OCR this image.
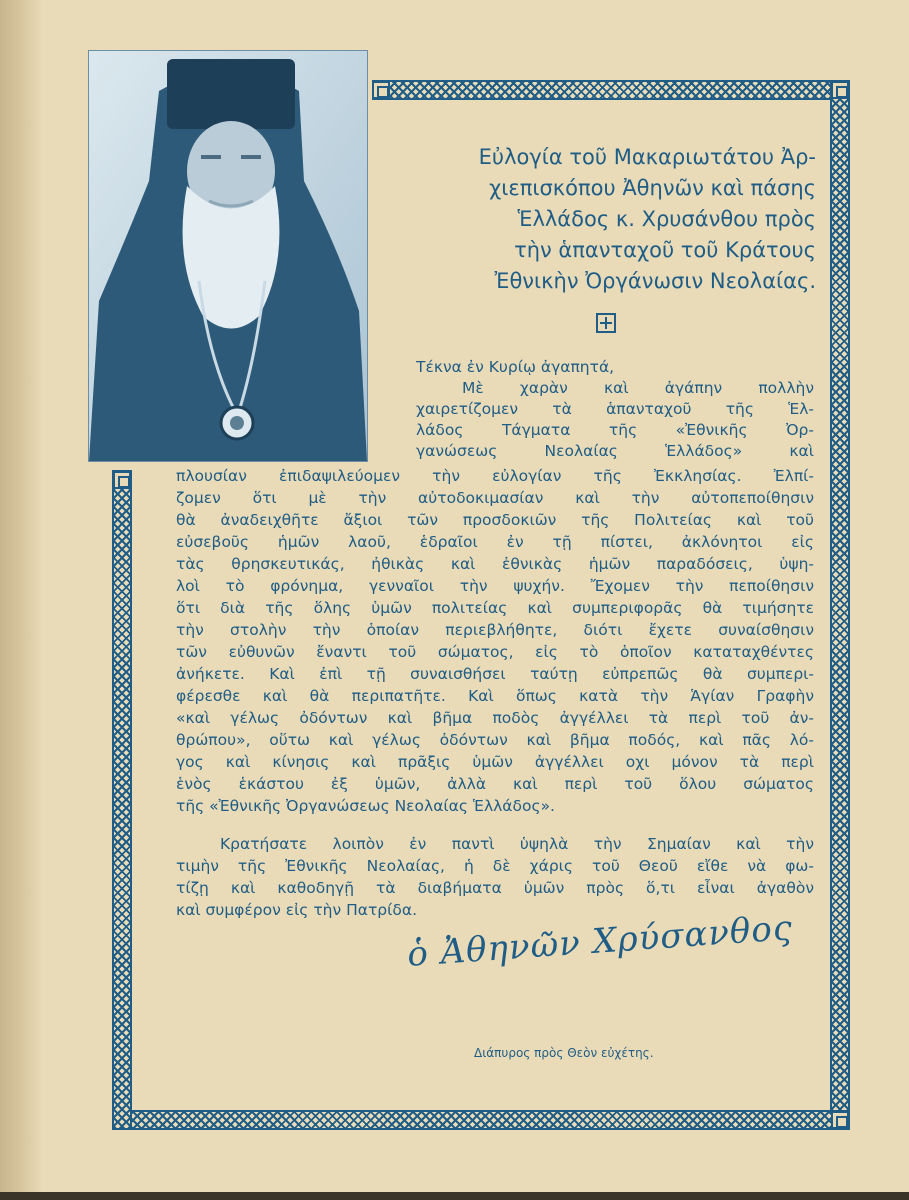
Εὐλογία τοῦ Μακαριωτάτου Ἀρ-
χιεπισκόπου Ἀθηνῶν καὶ πάσης
Ἑλλάδος κ. Χρυσάνθου πρὸς
τὴν ἁπανταχοῦ τοῦ Κράτους
Ἐθνικὴν Ὀργάνωσιν Νεολαίας.
Τέκνα ἐν Κυρίῳ ἀγαπητά,
Μὲ χαρὰν καὶ ἀγάπην πολλὴν
χαιρετίζομεν τὰ ἁπανταχοῦ τῆς Ἑλ-
λάδος Τάγματα τῆς «Ἐθνικῆς Ὀρ-
γανώσεως Νεολαίας Ἑλλάδος» καὶ
πλουσίαν ἐπιδαψιλεύομεν τὴν εὐλογίαν τῆς Ἐκκλησίας. Ἐλπί-
ζομεν ὅτι μὲ τὴν αὐτοδοκιμασίαν καὶ τὴν αὐτοπεποίθησιν
θὰ ἀναδειχθῆτε ἄξιοι τῶν προσδοκιῶν τῆς Πολιτείας καὶ τοῦ
εὐσεβοῦς ἡμῶν λαοῦ, ἑδραῖοι ἐν τῇ πίστει, ἀκλόνητοι εἰς
τὰς θρησκευτικάς, ἠθικὰς καὶ ἐθνικὰς ἡμῶν παραδόσεις, ὑψη-
λοὶ τὸ φρόνημα, γενναῖοι τὴν ψυχήν. Ἔχομεν τὴν πεποίθησιν
ὅτι διὰ τῆς ὅλης ὑμῶν πολιτείας καὶ συμπεριφορᾶς θὰ τιμήσητε
τὴν στολὴν τὴν ὁποίαν περιεβλήθητε, διότι ἔχετε συναίσθησιν
τῶν εὐθυνῶν ἔναντι τοῦ σώματος, εἰς τὸ ὁποῖον καταταχθέντες
ἀνήκετε. Καὶ ἐπὶ τῇ συναισθήσει ταύτῃ εὐπρεπῶς θὰ συμπερι-
φέρεσθε καὶ θὰ περιπατῆτε. Καὶ ὅπως κατὰ τὴν Ἁγίαν Γραφὴν
«καὶ γέλως ὀδόντων καὶ βῆμα ποδὸς ἀγγέλλει τὰ περὶ τοῦ ἀν-
θρώπου», οὕτω καὶ γέλως ὀδόντων καὶ βῆμα ποδός, καὶ πᾶς λό-
γος καὶ κίνησις καὶ πρᾶξις ὑμῶν ἀγγέλλει οχι μόνον τὰ περὶ
ἑνὸς ἑκάστου ἐξ ὑμῶν, ἀλλὰ καὶ περὶ τοῦ ὅλου σώματος
τῆς «Ἐθνικῆς Ὀργανώσεως Νεολαίας Ἑλλάδος».
Κρατήσατε λοιπὸν ἐν παντὶ ὑψηλὰ τὴν Σημαίαν καὶ τὴν
τιμὴν τῆς Ἐθνικῆς Νεολαίας, ἡ δὲ χάρις τοῦ Θεοῦ εἴθε νὰ φω-
τίζῃ καὶ καθοδηγῇ τὰ διαβήματα ὑμῶν πρὸς ὅ,τι εἶναι ἀγαθὸν
καὶ συμφέρον εἰς τὴν Πατρίδα.
ὁ Ἀθηνῶν Χρύσανθος
Διάπυρος πρὸς Θεὸν εὐχέτης.
